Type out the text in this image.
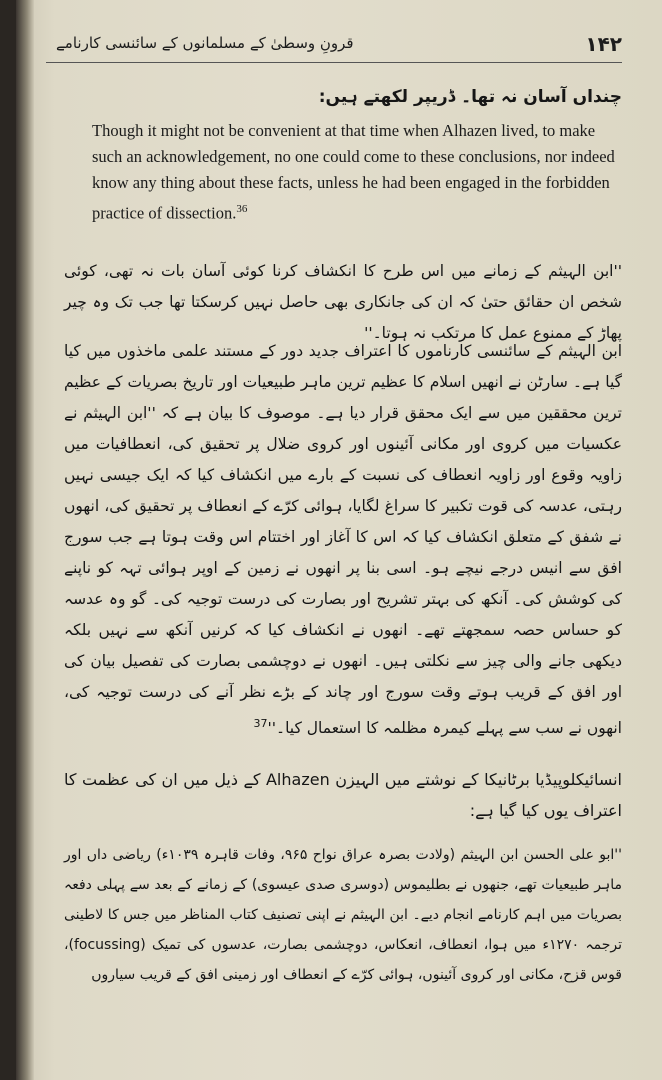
۱۴۲
قرونِ وسطیٰ کے مسلمانوں کے سائنسی کارنامے
چنداں آسان نہ تھا۔ ڈریپر لکھتے ہیں:
Though it might not be convenient at that time when Alhazen lived, to make such an acknowledgement, no one could come to these conclusions, nor indeed know any thing about these facts, unless he had been engaged in the forbidden practice of dissection.$^{36}$
''ابن الہیثم کے زمانے میں اس طرح کا انکشاف کرنا کوئی آسان بات نہ تھی، کوئی شخص ان حقائق حتیٰ کہ ان کی جانکاری بھی حاصل نہیں کرسکتا تھا جب تک وہ چیر پھاڑ کے ممنوع عمل کا مرتکب نہ ہوتا۔''
ابن الہیثم کے سائنسی کارناموں کا اعتراف جدید دور کے مستند علمی ماخذوں میں کیا گیا ہے۔ سارٹن نے انھیں اسلام کا عظیم ترین ماہر طبیعیات اور تاریخ بصریات کے عظیم ترین محققین میں سے ایک محقق قرار دیا ہے۔ موصوف کا بیان ہے کہ ''ابن الہیثم نے عکسیات میں کروی اور مکانی آئینوں اور کروی ضلال پر تحقیق کی، انعطافیات میں زاویہ وقوع اور زاویہ انعطاف کی نسبت کے بارے میں انکشاف کیا کہ ایک جیسی نہیں رہتی، عدسہ کی قوت تکبیر کا سراغ لگایا، ہوائی کرّے کے انعطاف پر تحقیق کی، انھوں نے شفق کے متعلق انکشاف کیا کہ اس کا آغاز اور اختتام اس وقت ہوتا ہے جب سورج افق سے انیس درجے نیچے ہو۔ اسی بنا پر انھوں نے زمین کے اوپر ہوائی تہہ کو ناپنے کی کوشش کی۔ آنکھ کی بہتر تشریح اور بصارت کی درست توجیہ کی۔ گو وہ عدسہ کو حساس حصہ سمجھتے تھے۔ انھوں نے انکشاف کیا کہ کرنیں آنکھ سے نہیں بلکہ دیکھی جانے والی چیز سے نکلتی ہیں۔ انھوں نے دوچشمی بصارت کی تفصیل بیان کی اور افق کے قریب ہوتے وقت سورج اور چاند کے بڑے نظر آنے کی درست توجیہ کی، انھوں نے سب سے پہلے کیمرہ مظلمہ کا استعمال کیا۔''$^{37}$
انسائیکلوپیڈیا برٹانیکا کے نوشتے میں الہیزن Alhazen کے ذیل میں ان کی عظمت کا اعتراف یوں کیا گیا ہے:
''ابو علی الحسن ابن الہیثم (ولادت بصرہ عراق نواح ۹۶۵، وفات قاہرہ ۱۰۳۹ء) ریاضی داں اور ماہر طبیعیات تھے، جنھوں نے بطلیموس (دوسری صدی عیسوی) کے زمانے کے بعد سے پہلی دفعہ بصریات میں اہم کارنامے انجام دیے۔ ابن الہیثم نے اپنی تصنیف کتاب المناظر میں جس کا لاطینی ترجمہ ۱۲۷۰ء میں ہوا، انعطاف، انعکاس، دوچشمی بصارت، عدسوں کی تمیک (focussing)، قوس قزح، مکانی اور کروی آئینوں، ہوائی کرّے کے انعطاف اور زمینی افق کے قریب سیاروں
